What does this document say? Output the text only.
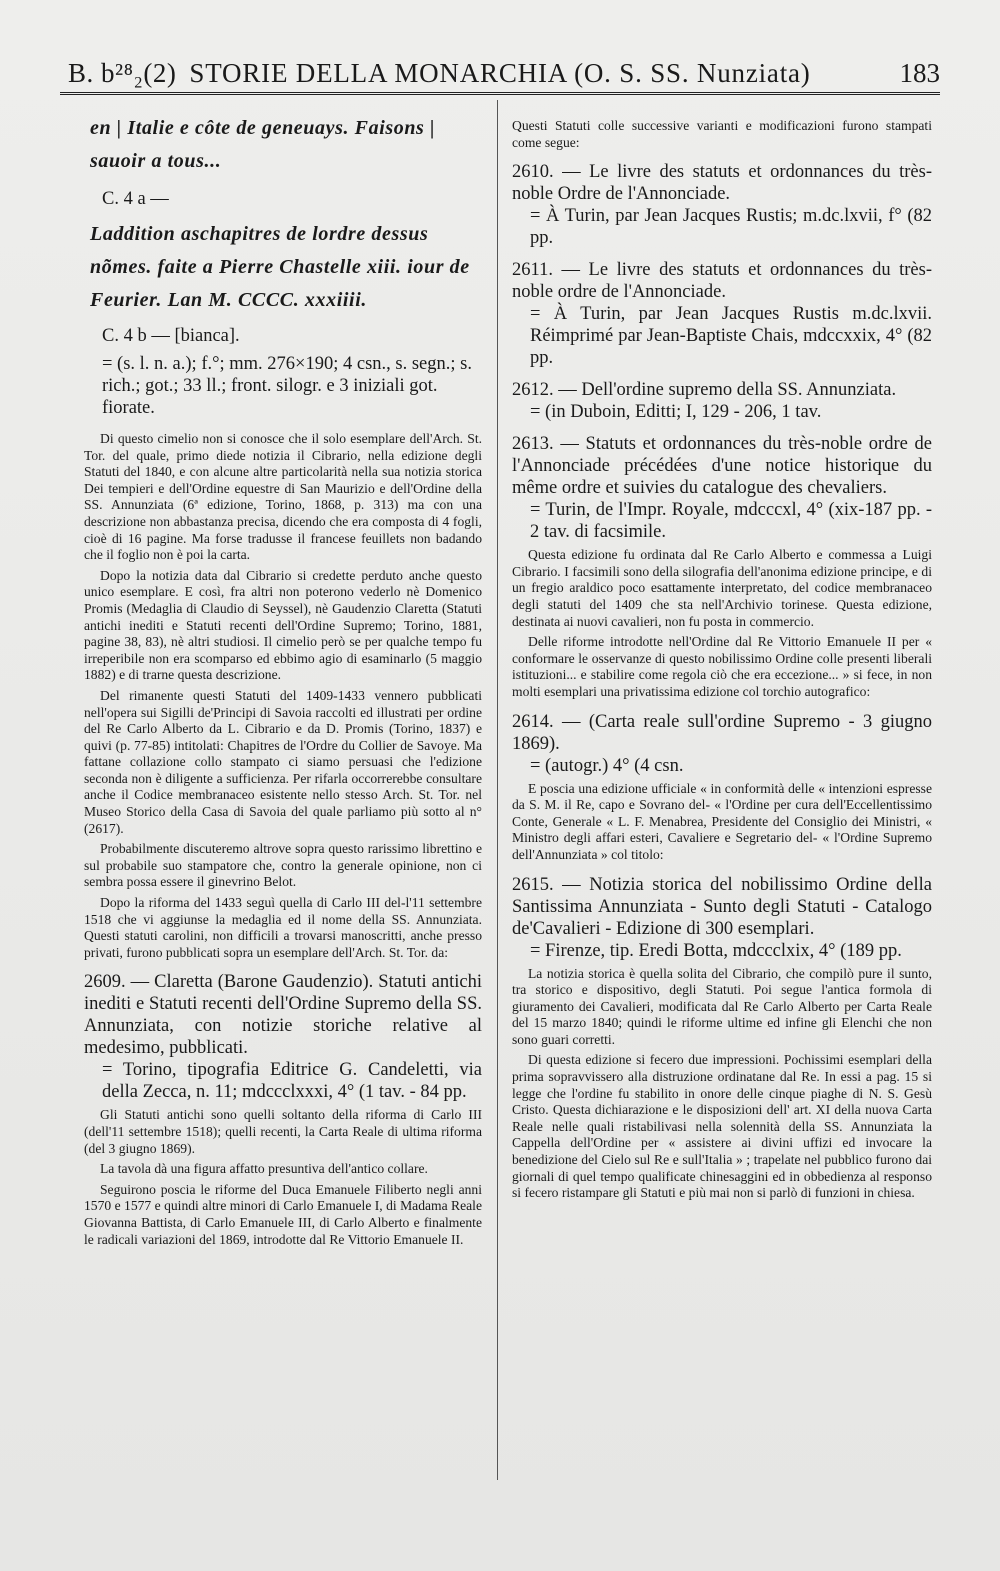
B. b²⁸₂(2) STORIE DELLA MONARCHIA (O. S. SS. Nunziata)	183
en | Italie e côte de geneuays. Faisons | sauoir a tous...
C. 4 a —
Laddition aschapitres de lordre dessus nõmes. faite a Pierre Chastelle xiii. iour de Feurier. Lan M. CCCC. xxxiiii.
C. 4 b — [bianca].
= (s. l. n. a.); f.°; mm. 276×190; 4 csn., s. segn.; s. rich.; got.; 33 ll.; front. silogr. e 3 iniziali got. fiorate.

Di questo cimelio non si conosce che il solo esemplare dell'Arch. St. Tor. del quale, primo diede notizia il Cibrario, nella edizione degli Statuti del 1840, e con alcune altre particolarità nella sua notizia storica Dei tempieri e dell'Ordine equestre di San Maurizio e dell'Ordine della SS. Annunziata (6ª edizione, Torino, 1868, p. 313) ma con una descrizione non abbastanza precisa, dicendo che era composta di 4 fogli, cioè di 16 pagine. Ma forse tradusse il francese feuillets non badando che il foglio non è poi la carta.

Dopo la notizia data dal Cibrario si credette perduto anche questo unico esemplare. E così, fra altri non poterono vederlo nè Domenico Promis (Medaglia di Claudio di Seyssel), nè Gaudenzio Claretta (Statuti antichi inediti e Statuti recenti dell'Ordine Supremo; Torino, 1881, pagine 38, 83), nè altri studiosi. Il cimelio però se per qualche tempo fu irreperibile non era scomparso ed ebbimo agio di esaminarlo (5 maggio 1882) e di trarne questa descrizione.

Del rimanente questi Statuti del 1409-1433 vennero pubblicati nell'opera sui Sigilli de'Principi di Savoia raccolti ed illustrati per ordine del Re Carlo Alberto da L. Cibrario e da D. Promis (Torino, 1837) e quivi (p. 77-85) intitolati: Chapitres de l'Ordre du Collier de Savoye. Ma fattane collazione collo stampato ci siamo persuasi che l'edizione seconda non è diligente a sufficienza. Per rifarla occorrerebbe consultare anche il Codice membranaceo esistente nello stesso Arch. St. Tor. nel Museo Storico della Casa di Savoia del quale parliamo più sotto al n° (2617).

Probabilmente discuteremo altrove sopra questo rarissimo librettino e sul probabile suo stampatore che, contro la generale opinione, non ci sembra possa essere il ginevrino Belot.

Dopo la riforma del 1433 seguì quella di Carlo III del-l'11 settembre 1518 che vi aggiunse la medaglia ed il nome della SS. Annunziata. Questi statuti carolini, non difficili a trovarsi manoscritti, anche presso privati, furono pubblicati sopra un esemplare dell'Arch. St. Tor. da:

2609. — Claretta (Barone Gaudenzio). Statuti antichi inediti e Statuti recenti dell'Ordine Supremo della SS. Annunziata, con notizie storiche relative al medesimo, pubblicati.
= Torino, tipografia Editrice G. Candeletti, via della Zecca, n. 11; mdccclxxxi, 4° (1 tav. - 84 pp.

Gli Statuti antichi sono quelli soltanto della riforma di Carlo III (dell'11 settembre 1518); quelli recenti, la Carta Reale di ultima riforma (del 3 giugno 1869).

La tavola dà una figura affatto presuntiva dell'antico collare.

Seguirono poscia le riforme del Duca Emanuele Filiberto negli anni 1570 e 1577 e quindi altre minori di Carlo Emanuele I, di Madama Reale Giovanna Battista, di Carlo Emanuele III, di Carlo Alberto e finalmente le radicali variazioni del 1869, introdotte dal Re Vittorio Emanuele II.

Questi Statuti colle successive varianti e modificazioni furono stampati come segue:

2610. — Le livre des statuts et ordonnances du très-noble Ordre de l'Annonciade.
= À Turin, par Jean Jacques Rustis; m.dc.lxvii, f° (82 pp.
2611. — Le livre des statuts et ordonnances du très-noble ordre de l'Annonciade.
= À Turin, par Jean Jacques Rustis m.dc.lxvii. Réimprimé par Jean-Baptiste Chais, mdccxxix, 4° (82 pp.
2612. — Dell'ordine supremo della SS. Annunziata.
= (in Duboin, Editti; I, 129 - 206, 1 tav.
2613. — Statuts et ordonnances du très-noble ordre de l'Annonciade précédées d'une notice historique du même ordre et suivies du catalogue des chevaliers.
= Turin, de l'Impr. Royale, mdcccxl, 4° (xix-187 pp. - 2 tav. di facsimile.

Questa edizione fu ordinata dal Re Carlo Alberto e commessa a Luigi Cibrario. I facsimili sono della silografia dell'anonima edizione principe, e di un fregio araldico poco esattamente interpretato, del codice membranaceo degli statuti del 1409 che sta nell'Archivio torinese. Questa edizione, destinata ai nuovi cavalieri, non fu posta in commercio.

Delle riforme introdotte nell'Ordine dal Re Vittorio Emanuele II per « conformare le osservanze di questo nobilissimo Ordine colle presenti liberali istituzioni... e stabilire come regola ciò che era eccezione... » si fece, in non molti esemplari una privatissima edizione col torchio autografico:

2614. — (Carta reale sull'ordine Supremo - 3 giugno 1869).
= (autogr.) 4° (4 csn.

E poscia una edizione ufficiale « in conformità delle « intenzioni espresse da S. M. il Re, capo e Sovrano del- « l'Ordine per cura dell'Eccellentissimo Conte, Generale « L. F. Menabrea, Presidente del Consiglio dei Ministri, « Ministro degli affari esteri, Cavaliere e Segretario del- « l'Ordine Supremo dell'Annunziata » col titolo:

2615. — Notizia storica del nobilissimo Ordine della Santissima Annunziata - Sunto degli Statuti - Catalogo de'Cavalieri - Edizione di 300 esemplari.
= Firenze, tip. Eredi Botta, mdccclxix, 4° (189 pp.

La notizia storica è quella solita del Cibrario, che compilò pure il sunto, tra storico e dispositivo, degli Statuti. Poi segue l'antica formola di giuramento dei Cavalieri, modificata dal Re Carlo Alberto per Carta Reale del 15 marzo 1840; quindi le riforme ultime ed infine gli Elenchi che non sono guari corretti.

Di questa edizione si fecero due impressioni. Pochissimi esemplari della prima sopravvissero alla distruzione ordinatane dal Re. In essi a pag. 15 si legge che l'ordine fu stabilito in onore delle cinque piaghe di N. S. Gesù Cristo. Questa dichiarazione e le disposizioni dell' art. XI della nuova Carta Reale nelle quali ristabilivasi nella solennità della SS. Annunziata la Cappella dell'Ordine per « assistere ai divini uffizi ed invocare la benedizione del Cielo sul Re e sull'Italia » ; trapelate nel pubblico furono dai giornali di quel tempo qualificate chinesaggini ed in obbedienza al responso si fecero ristampare gli Statuti e più mai non si parlò di funzioni in chiesa.
